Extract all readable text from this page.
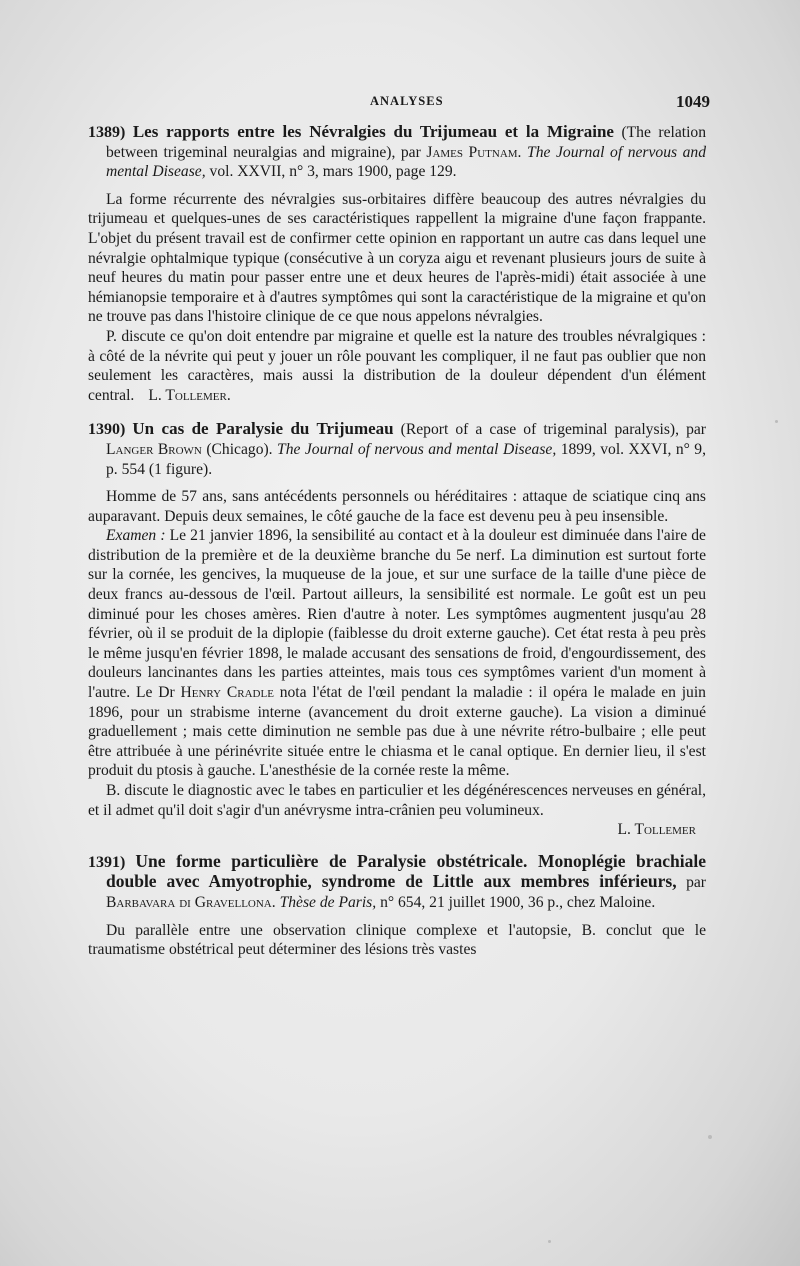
ANALYSES	1049
1389) Les rapports entre les Névralgies du Trijumeau et la Migraine (The relation between trigeminal neuralgias and migraine), par James Putnam. The Journal of nervous and mental Disease, vol. XXVII, n° 3, mars 1900, page 129.

La forme récurrente des névralgies sus-orbitaires diffère beaucoup des autres névralgies du trijumeau et quelques-unes de ses caractéristiques rappellent la migraine d'une façon frappante. L'objet du présent travail est de confirmer cette opinion en rapportant un autre cas dans lequel une névralgie ophtalmique typique (consécutive à un coryza aigu et revenant plusieurs jours de suite à neuf heures du matin pour passer entre une et deux heures de l'après-midi) était associée à une hémianopsie temporaire et à d'autres symptômes qui sont la caractéristique de la migraine et qu'on ne trouve pas dans l'histoire clinique de ce que nous appelons névralgies.

P. discute ce qu'on doit entendre par migraine et quelle est la nature des troubles névralgiques : à côté de la névrite qui peut y jouer un rôle pouvant les compliquer, il ne faut pas oublier que non seulement les caractères, mais aussi la distribution de la douleur dépendent d'un élément central. L. Tollemer.

1390) Un cas de Paralysie du Trijumeau (Report of a case of trigeminal paralysis), par Langer Brown (Chicago). The Journal of nervous and mental Disease, 1899, vol. XXVI, n° 9, p. 554 (1 figure).

Homme de 57 ans, sans antécédents personnels ou héréditaires : attaque de sciatique cinq ans auparavant. Depuis deux semaines, le côté gauche de la face est devenu peu à peu insensible.

Examen : Le 21 janvier 1896, la sensibilité au contact et à la douleur est diminuée dans l'aire de distribution de la première et de la deuxième branche du 5e nerf. La diminution est surtout forte sur la cornée, les gencives, la muqueuse de la joue, et sur une surface de la taille d'une pièce de deux francs au-dessous de l'œil. Partout ailleurs, la sensibilité est normale. Le goût est un peu diminué pour les choses amères. Rien d'autre à noter. Les symptômes augmentent jusqu'au 28 février, où il se produit de la diplopie (faiblesse du droit externe gauche). Cet état resta à peu près le même jusqu'en février 1898, le malade accusant des sensations de froid, d'engourdissement, des douleurs lancinantes dans les parties atteintes, mais tous ces symptômes varient d'un moment à l'autre. Le Dr Henry Cradle nota l'état de l'œil pendant la maladie : il opéra le malade en juin 1896, pour un strabisme interne (avancement du droit externe gauche). La vision a diminué graduellement ; mais cette diminution ne semble pas due à une névrite rétro-bulbaire ; elle peut être attribuée à une périnévrite située entre le chiasma et le canal optique. En dernier lieu, il s'est produit du ptosis à gauche. L'anesthésie de la cornée reste la même.

B. discute le diagnostic avec le tabes en particulier et les dégénérescences nerveuses en général, et il admet qu'il doit s'agir d'un anévrysme intra-crânien peu volumineux.

L. Tollemer
1391) Une forme particulière de Paralysie obstétricale. Monoplégie brachiale double avec Amyotrophie, syndrome de Little aux membres inférieurs, par Barbavara di Gravellona. Thèse de Paris, n° 654, 21 juillet 1900, 36 p., chez Maloine.

Du parallèle entre une observation clinique complexe et l'autopsie, B. conclut que le traumatisme obstétrical peut déterminer des lésions très vastes
